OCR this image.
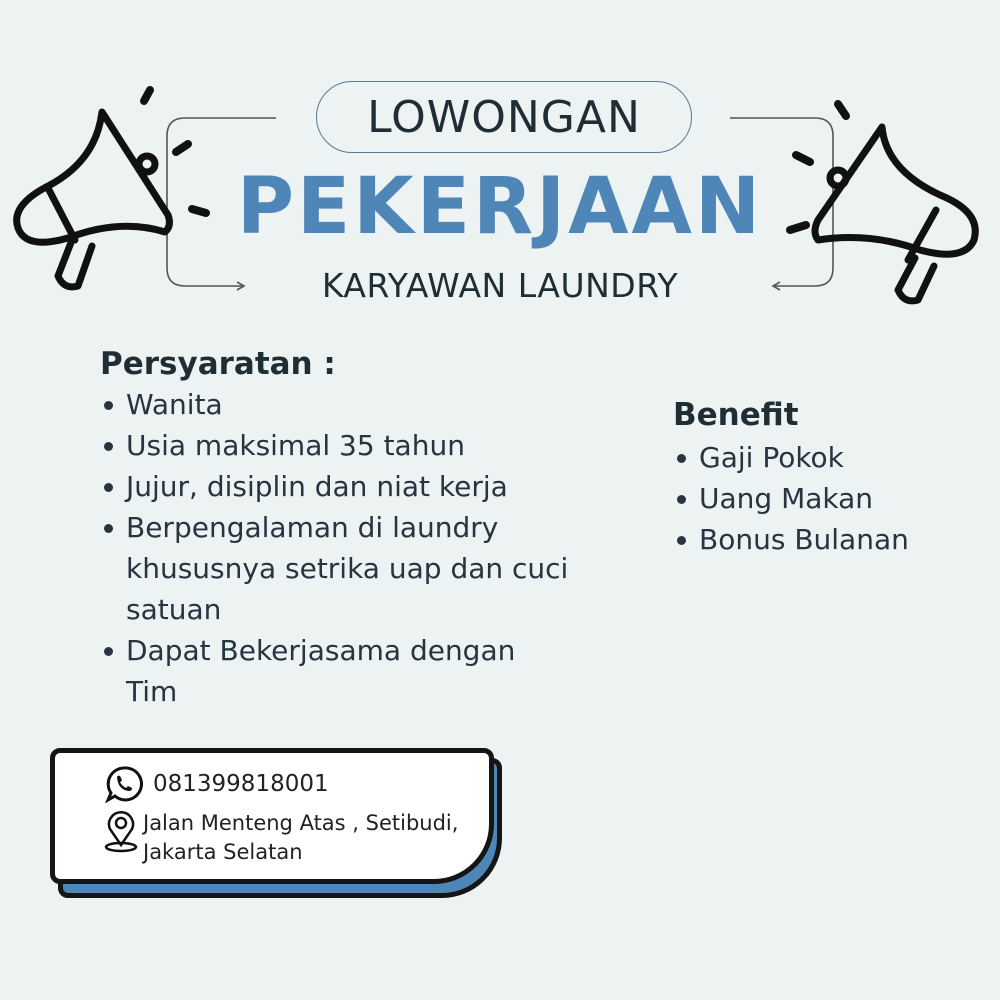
LOWONGAN
PEKERJAAN
KARYAWAN LAUNDRY
Persyaratan :
Wanita
Usia maksimal 35 tahun
Jujur, disiplin dan niat kerja
Berpengalaman di laundry khususnya setrika uap dan cuci satuan
Dapat Bekerjasama dengan Tim
Benefit
Gaji Pokok
Uang Makan
Bonus Bulanan
081399818001
Jalan Menteng Atas , Setibudi,
Jakarta Selatan
